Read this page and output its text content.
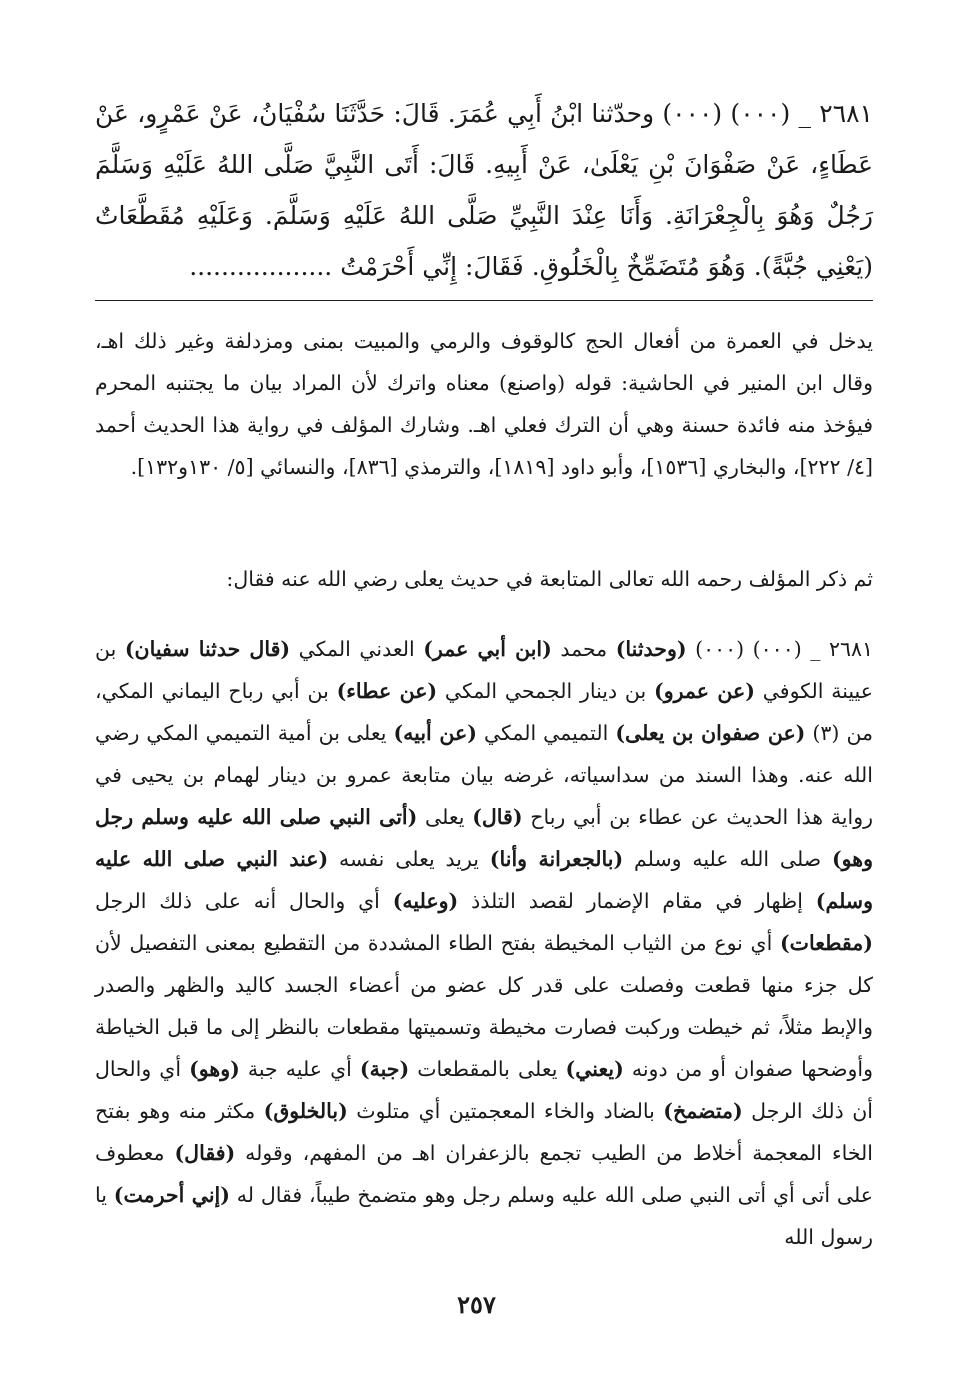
٢٦٨١ _ (٠٠٠) (٠٠٠) وحدّثنا ابْنُ أَبِي عُمَرَ. قَالَ: حَدَّثَنَا سُفْيَانُ، عَنْ عَمْرٍو، عَنْ عَطَاءٍ، عَنْ صَفْوَانَ بْنِ يَعْلَىٰ، عَنْ أَبِيهِ. قَالَ: أَتَى النَّبِيَّ صَلَّى اللهُ عَلَيْهِ وَسَلَّمَ رَجُلٌ وَهُوَ بِالْجِعْرَانَةِ. وَأَنَا عِنْدَ النَّبِيِّ صَلَّى اللهُ عَلَيْهِ وَسَلَّمَ. وَعَلَيْهِ مُقَطَّعَاتٌ (يَعْنِي جُبَّةً). وَهُوَ مُتَضَمِّخٌ بِالْخَلُوقِ. فَقَالَ: إِنِّي أَحْرَمْتُ ..................
يدخل في العمرة من أفعال الحج كالوقوف والرمي والمبيت بمنى ومزدلفة وغير ذلك اهـ، وقال ابن المنير في الحاشية: قوله (واصنع) معناه واترك لأن المراد بيان ما يجتنبه المحرم فيؤخذ منه فائدة حسنة وهي أن الترك فعلي اهـ. وشارك المؤلف في رواية هذا الحديث أحمد [٤/ ٢٢٢]، والبخاري [١٥٣٦]، وأبو داود [١٨١٩]، والترمذي [٨٣٦]، والنسائي [٥/ ١٣٠و١٣٢].
ثم ذكر المؤلف رحمه الله تعالى المتابعة في حديث يعلى رضي الله عنه فقال:
٢٦٨١ _ (٠٠٠) (٠٠٠) (وحدثنا) محمد (ابن أبي عمر) العدني المكي (قال حدثنا سفيان) بن عيينة الكوفي (عن عمرو) بن دينار الجمحي المكي (عن عطاء) بن أبي رباح اليماني المكي، من (٣) (عن صفوان بن يعلى) التميمي المكي (عن أبيه) يعلى بن أمية التميمي المكي رضي الله عنه. وهذا السند من سداسياته، غرضه بيان متابعة عمرو بن دينار لهمام بن يحيى في رواية هذا الحديث عن عطاء بن أبي رباح (قال) يعلى (أتى النبي صلى الله عليه وسلم رجل وهو) صلى الله عليه وسلم (بالجعرانة وأنا) يريد يعلى نفسه (عند النبي صلى الله عليه وسلم) إظهار في مقام الإضمار لقصد التلذذ (وعليه) أي والحال أنه على ذلك الرجل (مقطعات) أي نوع من الثياب المخيطة بفتح الطاء المشددة من التقطيع بمعنى التفصيل لأن كل جزء منها قطعت وفصلت على قدر كل عضو من أعضاء الجسد كاليد والظهر والصدر والإبط مثلاً، ثم خيطت وركبت فصارت مخيطة وتسميتها مقطعات بالنظر إلى ما قبل الخياطة وأوضحها صفوان أو من دونه (يعني) يعلى بالمقطعات (جبة) أي عليه جبة (وهو) أي والحال أن ذلك الرجل (متضمخ) بالضاد والخاء المعجمتين أي متلوث (بالخلوق) مكثر منه وهو بفتح الخاء المعجمة أخلاط من الطيب تجمع بالزعفران اهـ من المفهم، وقوله (فقال) معطوف على أتى أي أتى النبي صلى الله عليه وسلم رجل وهو متضمخ طيباً، فقال له (إني أحرمت) يا رسول الله
٢٥٧
